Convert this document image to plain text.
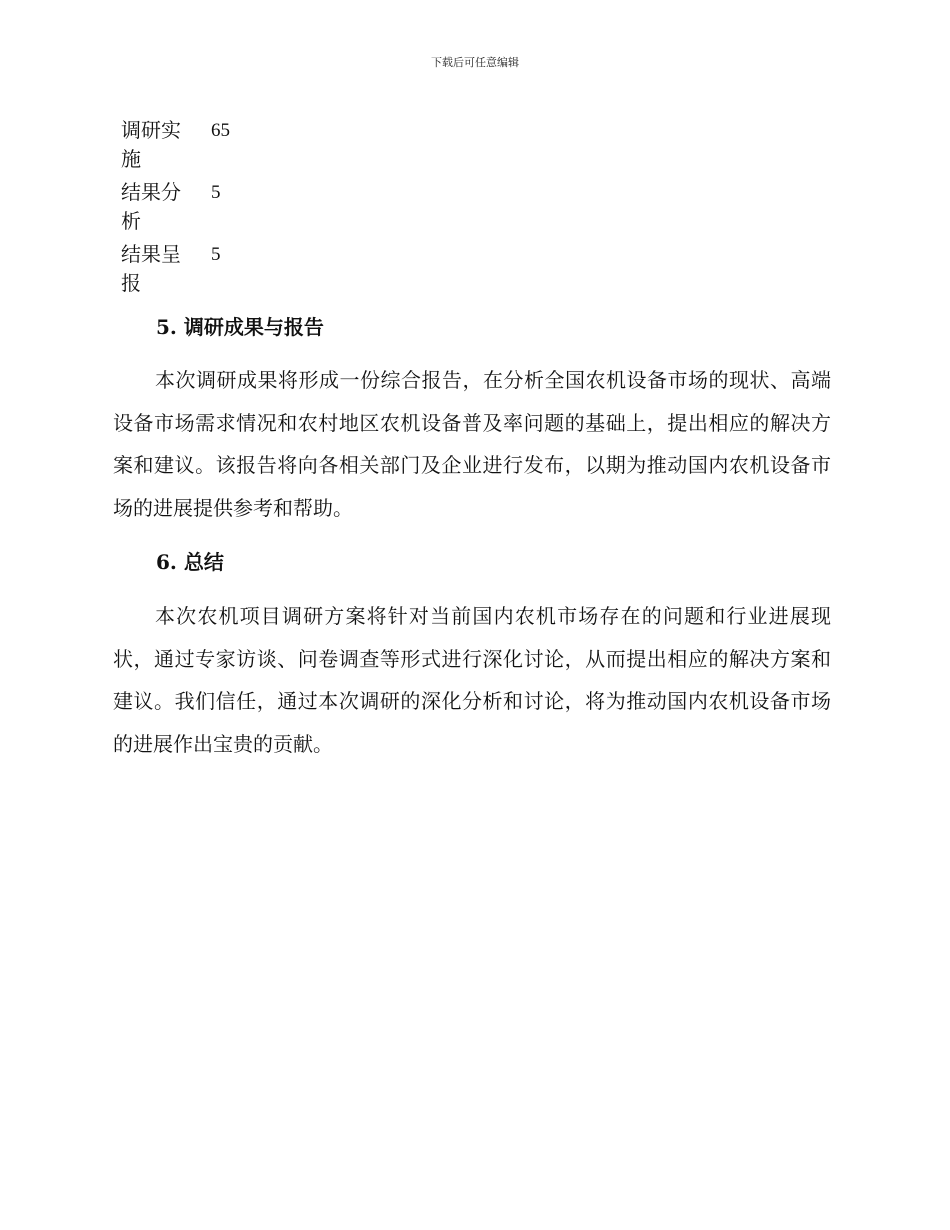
下载后可任意编辑
调研实施
65
结果分析
5
结果呈报
5
5. 调研成果与报告

本次调研成果将形成一份综合报告，在分析全国农机设备市场的现状、高端设备市场需求情况和农村地区农机设备普及率问题的基础上，提出相应的解决方案和建议。该报告将向各相关部门及企业进行发布，以期为推动国内农机设备市场的进展提供参考和帮助。

6. 总结

本次农机项目调研方案将针对当前国内农机市场存在的问题和行业进展现状，通过专家访谈、问卷调查等形式进行深化讨论，从而提出相应的解决方案和建议。我们信任，通过本次调研的深化分析和讨论，将为推动国内农机设备市场的进展作出宝贵的贡献。
